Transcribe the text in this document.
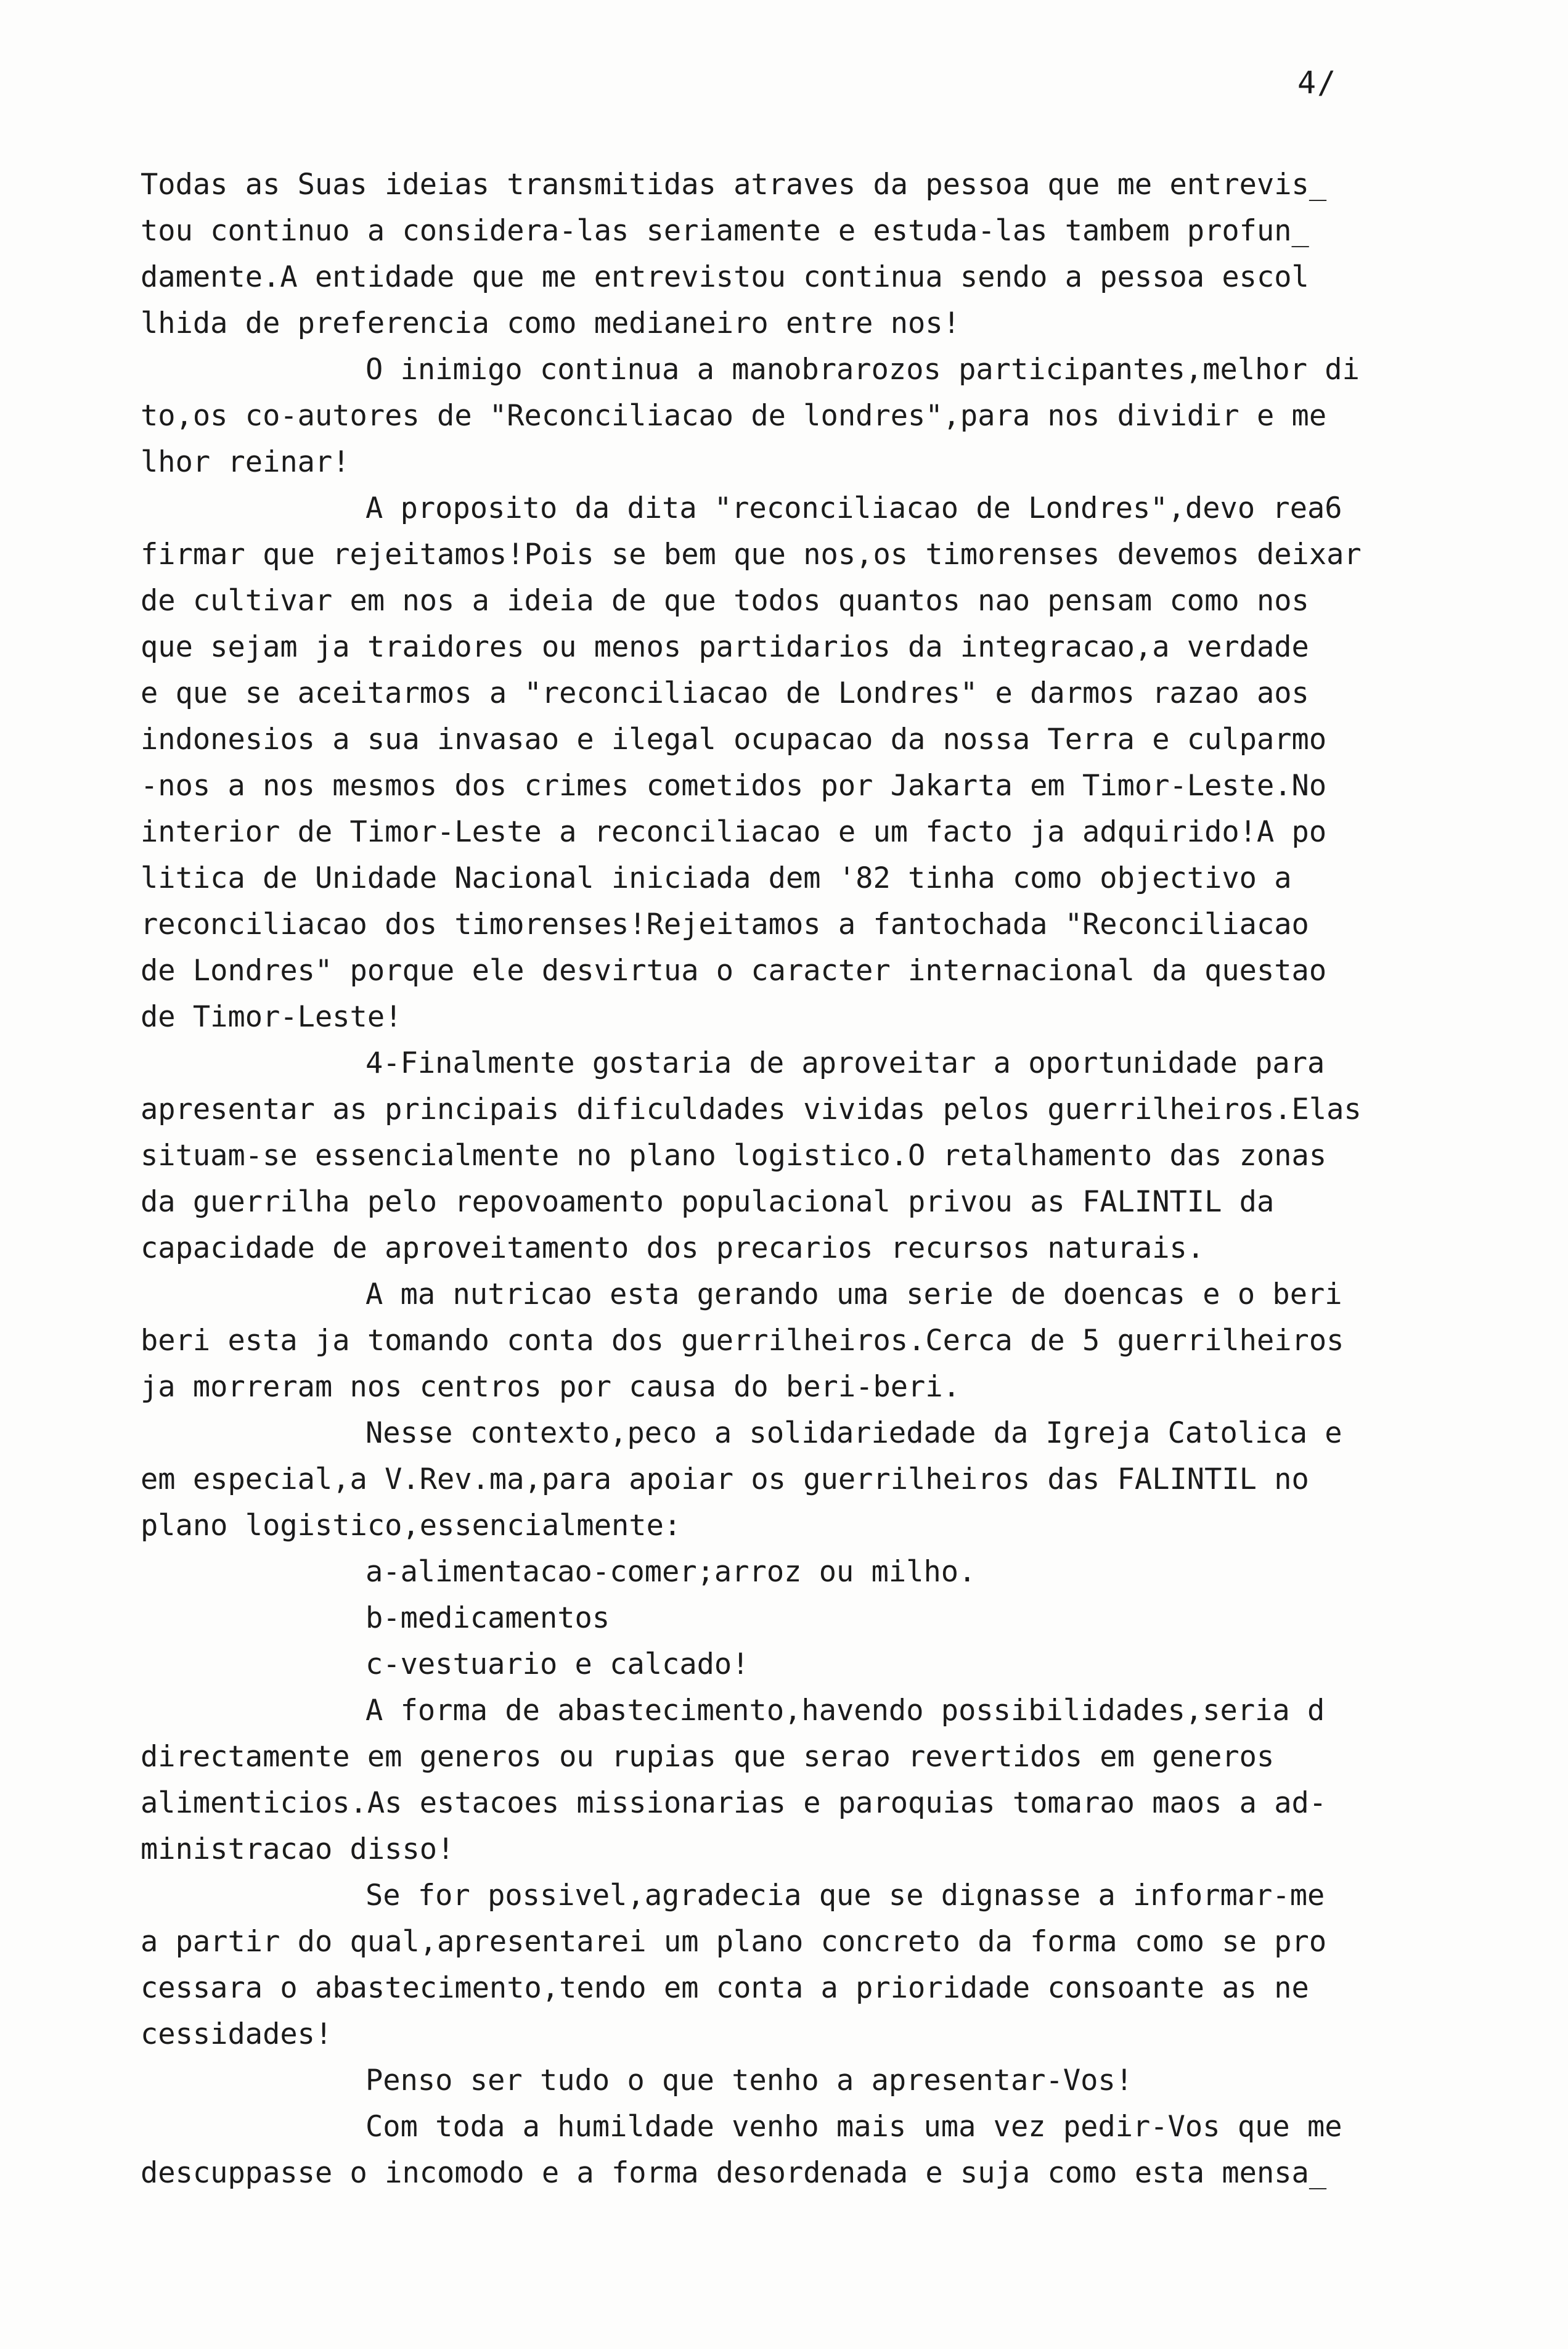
4/
Todas as Suas ideias transmitidas atraves da pessoa que me entrevis_
tou continuo a considera-las seriamente e estuda-las tambem profun_
damente.A entidade que me entrevistou continua sendo a pessoa escol
lhida de preferencia como medianeiro entre nos!
O inimigo continua a manobrarozos participantes,melhor di
to,os co-autores de "Reconciliacao de londres",para nos dividir e me
lhor reinar!
A proposito da dita "reconciliacao de Londres",devo rea6
firmar que rejeitamos!Pois se bem que nos,os timorenses devemos deixar
de cultivar em nos a ideia de que todos quantos nao pensam como nos
que sejam ja traidores ou menos partidarios da integracao,a verdade
e que se aceitarmos a "reconciliacao de Londres" e darmos razao aos
indonesios a sua invasao e ilegal ocupacao da nossa Terra e culparmo
-nos a nos mesmos dos crimes cometidos por Jakarta em Timor-Leste.No
interior de Timor-Leste a reconciliacao e um facto ja adquirido!A po
litica de Unidade Nacional iniciada dem '82 tinha como objectivo a
reconciliacao dos timorenses!Rejeitamos a fantochada "Reconciliacao
de Londres" porque ele desvirtua o caracter internacional da questao
de Timor-Leste!
4-Finalmente gostaria de aproveitar a oportunidade para
apresentar as principais dificuldades vividas pelos guerrilheiros.Elas
situam-se essencialmente no plano logistico.O retalhamento das zonas
da guerrilha pelo repovoamento populacional privou as FALINTIL da
capacidade de aproveitamento dos precarios recursos naturais.
A ma nutricao esta gerando uma serie de doencas e o beri
beri esta ja tomando conta dos guerrilheiros.Cerca de 5 guerrilheiros
ja morreram nos centros por causa do beri-beri.
Nesse contexto,peco a solidariedade da Igreja Catolica e
em especial,a V.Rev.ma,para apoiar os guerrilheiros das FALINTIL no
plano logistico,essencialmente:
a-alimentacao-comer;arroz ou milho.
b-medicamentos
c-vestuario e calcado!
A forma de abastecimento,havendo possibilidades,seria d
directamente em generos ou rupias que serao revertidos em generos
alimenticios.As estacoes missionarias e paroquias tomarao maos a ad-
ministracao disso!
Se for possivel,agradecia que se dignasse a informar-me
a partir do qual,apresentarei um plano concreto da forma como se pro
cessara o abastecimento,tendo em conta a prioridade consoante as ne
cessidades!
Penso ser tudo o que tenho a apresentar-Vos!
Com toda a humildade venho mais uma vez pedir-Vos que me
descuppasse o incomodo e a forma desordenada e suja como esta mensa_
